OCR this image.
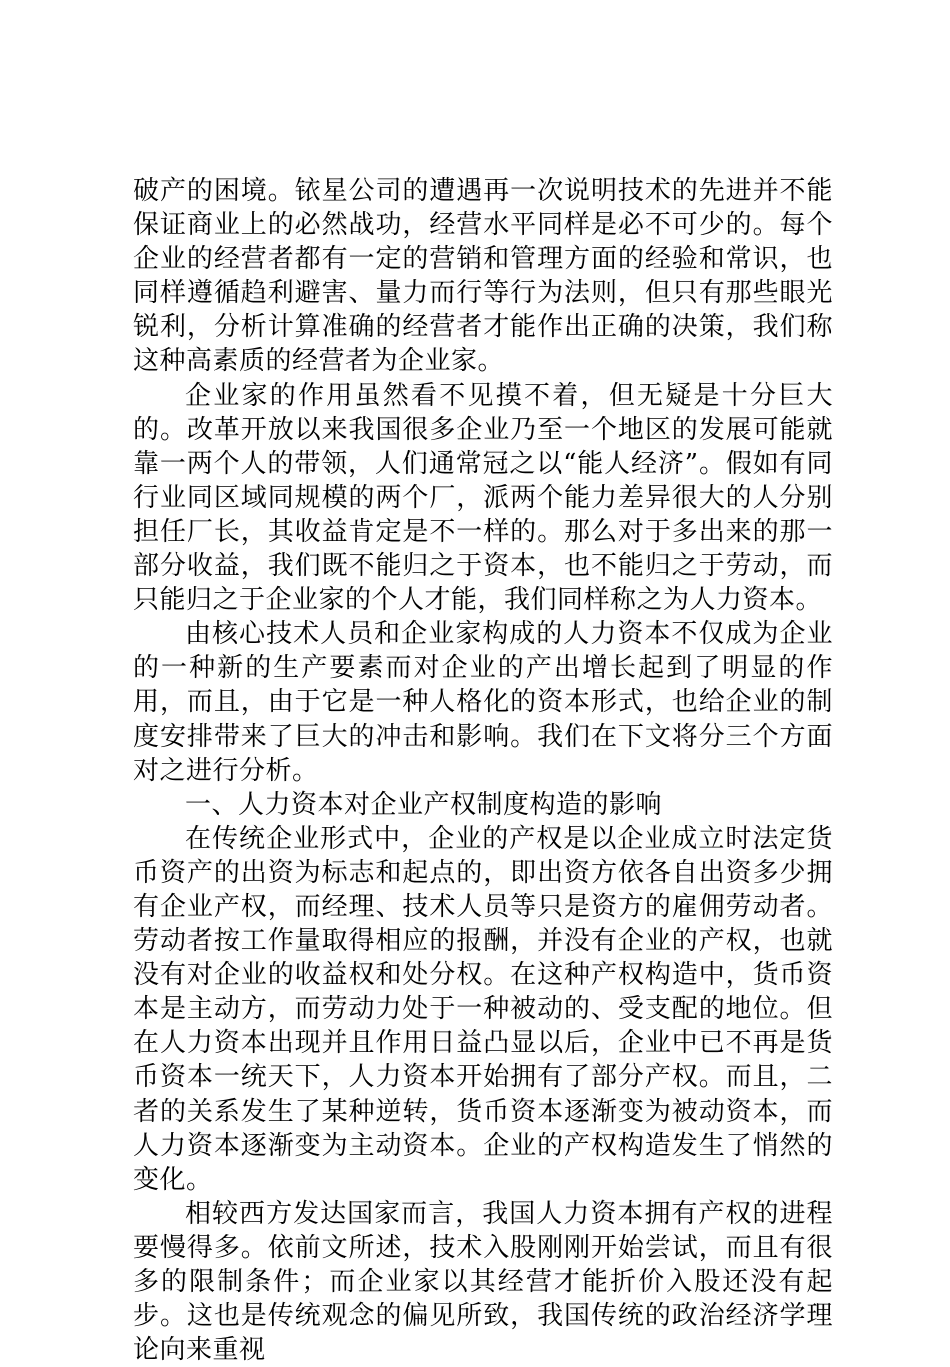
破产的困境。铱星公司的遭遇再一次说明技术的先进并不能保证商业上的必然战功，经营水平同样是必不可少的。每个企业的经营者都有一定的营销和管理方面的经验和常识，也同样遵循趋利避害、量力而行等行为法则，但只有那些眼光锐利，分析计算准确的经营者才能作出正确的决策，我们称这种高素质的经营者为企业家。

企业家的作用虽然看不见摸不着，但无疑是十分巨大的。改革开放以来我国很多企业乃至一个地区的发展可能就靠一两个人的带领，人们通常冠之以“能人经济”。假如有同行业同区域同规模的两个厂，派两个能力差异很大的人分别担任厂长，其收益肯定是不一样的。那么对于多出来的那一部分收益，我们既不能归之于资本，也不能归之于劳动，而只能归之于企业家的个人才能，我们同样称之为人力资本。

由核心技术人员和企业家构成的人力资本不仅成为企业的一种新的生产要素而对企业的产出增长起到了明显的作用，而且，由于它是一种人格化的资本形式，也给企业的制度安排带来了巨大的冲击和影响。我们在下文将分三个方面对之进行分析。

一、人力资本对企业产权制度构造的影响

在传统企业形式中，企业的产权是以企业成立时法定货币资产的出资为标志和起点的，即出资方依各自出资多少拥有企业产权，而经理、技术人员等只是资方的雇佣劳动者。劳动者按工作量取得相应的报酬，并没有企业的产权，也就没有对企业的收益权和处分权。在这种产权构造中，货币资本是主动方，而劳动力处于一种被动的、受支配的地位。但在人力资本出现并且作用日益凸显以后，企业中已不再是货币资本一统天下，人力资本开始拥有了部分产权。而且，二者的关系发生了某种逆转，货币资本逐渐变为被动资本，而人力资本逐渐变为主动资本。企业的产权构造发生了悄然的变化。

相较西方发达国家而言，我国人力资本拥有产权的进程要慢得多。依前文所述，技术入股刚刚开始尝试，而且有很多的限制条件；而企业家以其经营才能折价入股还没有起步。这也是传统观念的偏见所致，我国传统的政治经济学理论向来重视
